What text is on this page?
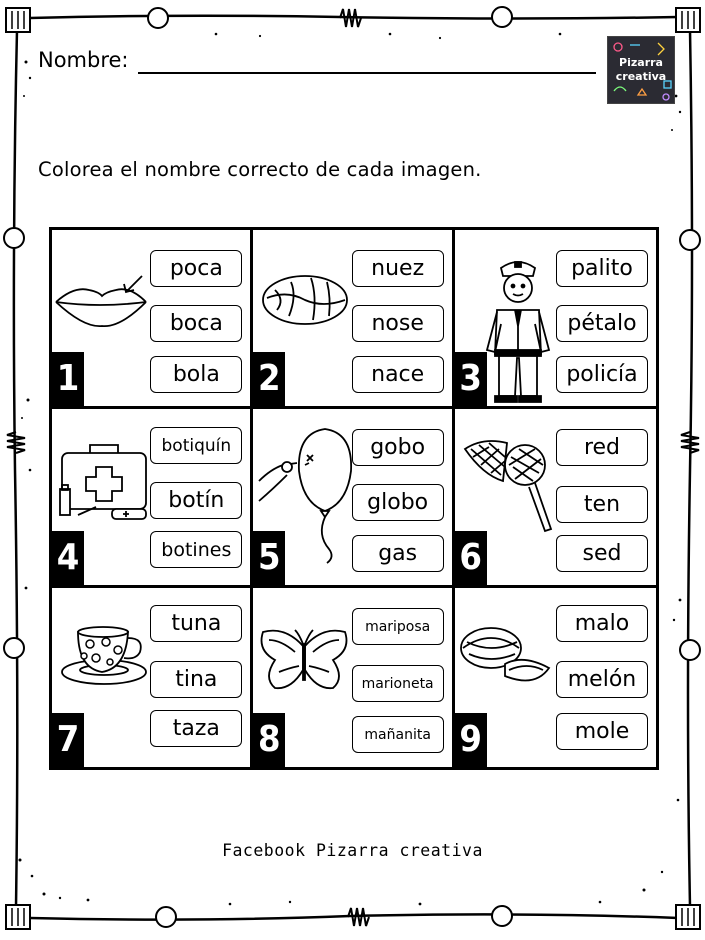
Nombre:	Pizarra
creativa
Colorea el nombre correcto de cada imagen.
poca
boca
bola
1
nuez
nose
nace
2
palito
pétalo
policía
3
botiquín
botín
botines
4
gobo
globo
gas
5
red
ten
sed
6
tuna
tina
taza
7
mariposa
marioneta
mañanita
8
malo
melón
mole
9
Facebook Pizarra creativa
